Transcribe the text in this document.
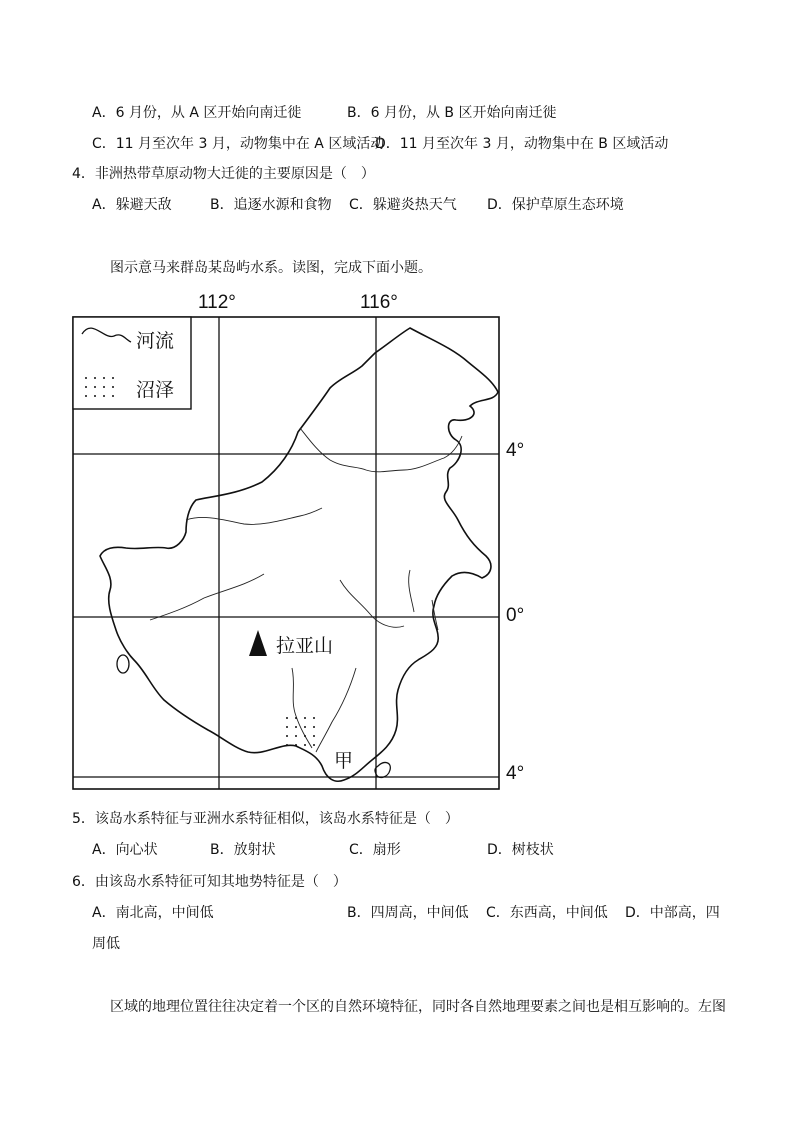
A．6 月份，从 A 区开始向南迁徙	B．6 月份，从 B 区开始向南迁徙
C．11 月至次年 3 月，动物集中在 A 区域活动
D．11 月至次年 3 月，动物集中在 B 区域活动
4．非洲热带草原动物大迁徙的主要原因是（　）
A．躲避天敌	B．追逐水源和食物 C．躲避炎热天气 D．保护草原生态环境
图示意马来群岛某岛屿水系。读图，完成下面小题。
112°	116°
4°
0°
4°
河流
沼泽
拉亚山
甲
5．该岛水系特征与亚洲水系特征相似，该岛水系特征是（　）
A．向心状	B．放射状	C．扇形	D．树枝状
6．由该岛水系特征可知其地势特征是（　）
A．南北高，中间低	B．四周高，中间低 C．东西高，中间低 D．中部高，四
区域的地理位置往往决定着一个区的自然环境特征，同时各自然地理要素之间也是相互影响的。左图
周低
